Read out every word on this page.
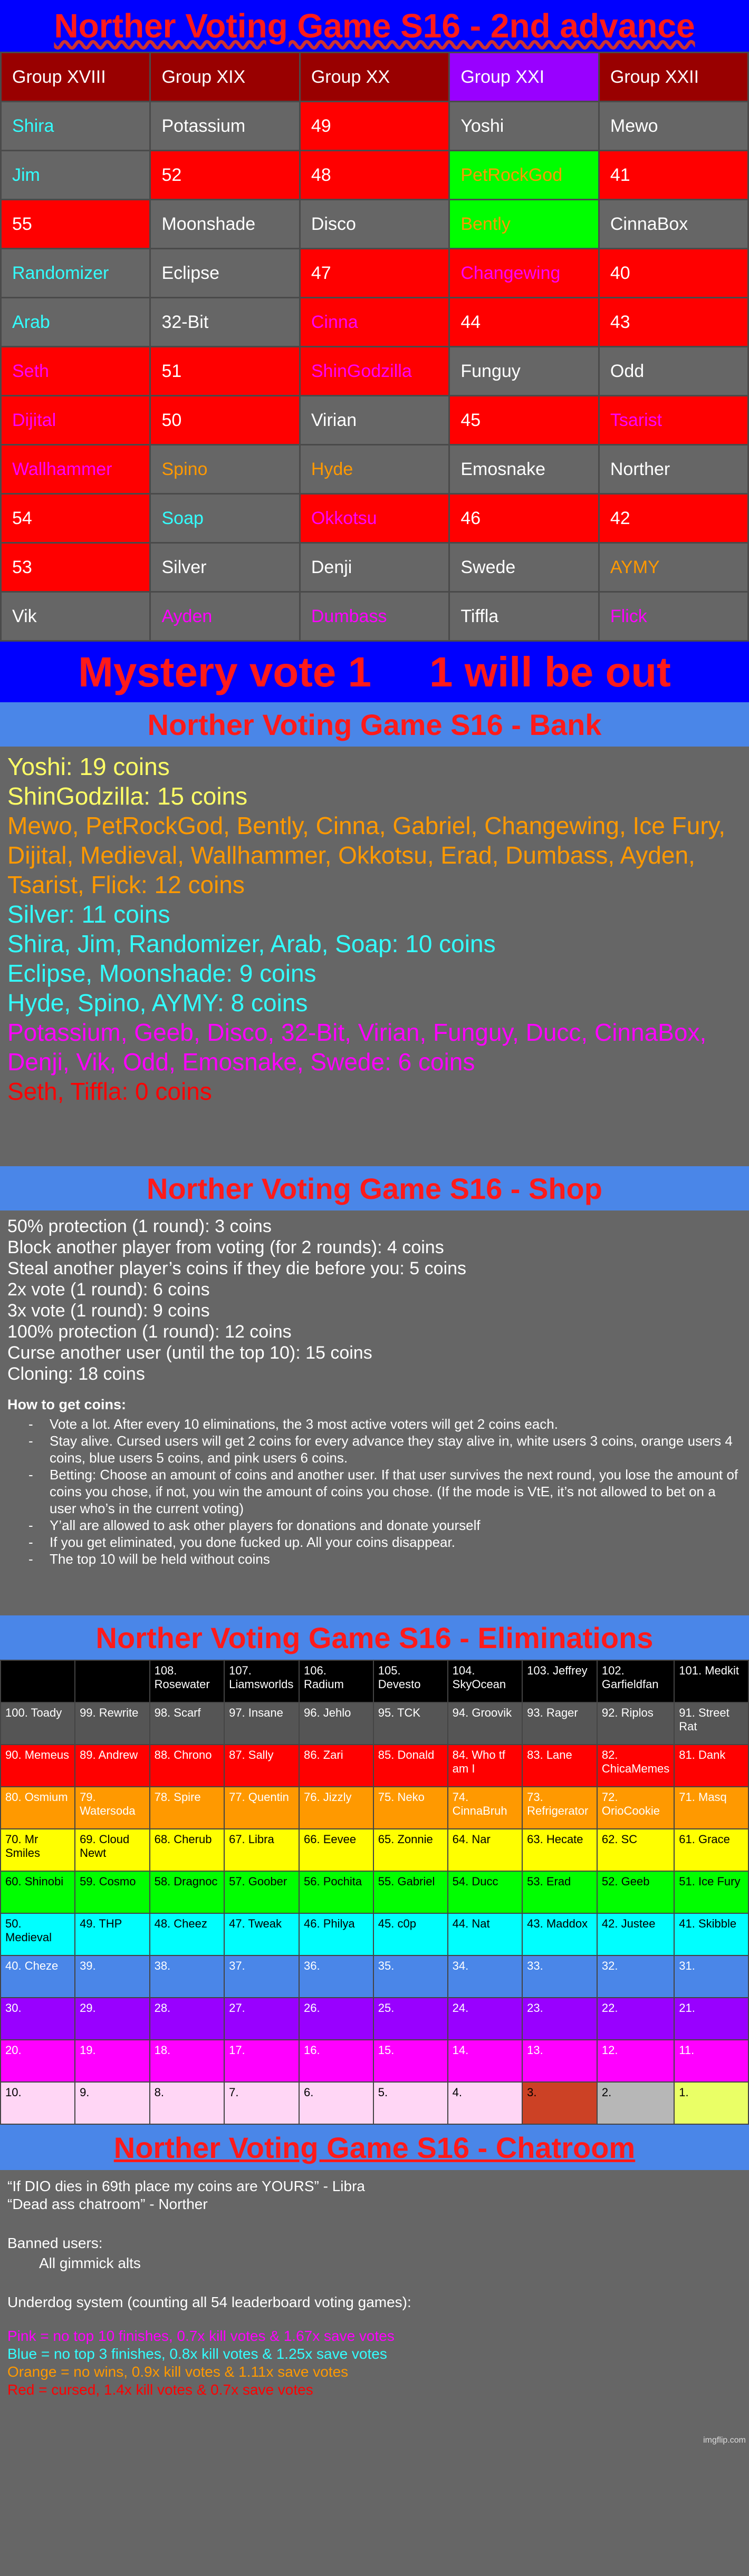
Norther Voting Game S16 - 2nd advance
Group XVIII	Group XIX	Group XX	Group XXI	Group XXII
Shira	Potassium	49	Yoshi	Mewo
Jim	52	48	PetRockGod	41
55	Moonshade	Disco	Bently	CinnaBox
Randomizer	Eclipse	47	Changewing	40
Arab	32-Bit	Cinna	44	43
Seth	51	ShinGodzilla	Funguy	Odd
Dijital	50	Virian	45	Tsarist
Wallhammer	Spino	Hyde	Emosnake	Norther
54	Soap	Okkotsu	46	42
53	Silver	Denji	Swede	AYMY
Vik	Ayden	Dumbass	Tiffla	Flick
Mystery vote 1 1 will be out
Norther Voting Game S16 - Bank
Yoshi: 19 coins
ShinGodzilla: 15 coins
Mewo, PetRockGod, Bently, Cinna, Gabriel, Changewing, Ice Fury, Dijital, Medieval, Wallhammer, Okkotsu, Erad, Dumbass, Ayden, Tsarist, Flick: 12 coins
Silver: 11 coins
Shira, Jim, Randomizer, Arab, Soap: 10 coins
Eclipse, Moonshade: 9 coins
Hyde, Spino, AYMY: 8 coins
Potassium, Geeb, Disco, 32-Bit, Virian, Funguy, Ducc, CinnaBox, Denji, Vik, Odd, Emosnake, Swede: 6 coins
Seth, Tiffla: 0 coins
Norther Voting Game S16 - Shop
50% protection (1 round): 3 coins
Block another player from voting (for 2 rounds): 4 coins
Steal another player’s coins if they die before you: 5 coins
2x vote (1 round): 6 coins
3x vote (1 round): 9 coins
100% protection (1 round): 12 coins
Curse another user (until the top 10): 15 coins
Cloning: 18 coins
How to get coins:
- Vote a lot. After every 10 eliminations, the 3 most active voters will get 2 coins each.
- Stay alive. Cursed users will get 2 coins for every advance they stay alive in, white users 3 coins, orange users 4 coins, blue users 5 coins, and pink users 6 coins.
- Betting: Choose an amount of coins and another user. If that user survives the next round, you lose the amount of coins you chose, if not, you win the amount of coins you chose. (If the mode is VtE, it’s not allowed to bet on a user who’s in the current voting)
- Y’all are allowed to ask other players for donations and donate yourself
- If you get eliminated, you done fucked up. All your coins disappear.
- The top 10 will be held without coins
Norther Voting Game S16 - Eliminations
		108. Rosewater	107. Liamsworlds	106. Radium	105. Devesto	104. SkyOcean	103. Jeffrey	102. Garfieldfan	101. Medkit
100. Toady	99. Rewrite	98. Scarf	97. Insane	96. Jehlo	95. TCK	94. Groovik	93. Rager	92. Riplos	91. Street Rat
90. Memeus	89. Andrew	88. Chrono	87. Sally	86. Zari	85. Donald	84. Who tf am I	83. Lane	82. ChicaMemes	81. Dank
80. Osmium	79. Watersoda	78. Spire	77. Quentin	76. Jizzly	75. Neko	74. CinnaBruh	73. Refrigerator	72. OrioCookie	71. Masq
70. Mr Smiles	69. Cloud Newt	68. Cherub	67. Libra	66. Eevee	65. Zonnie	64. Nar	63. Hecate	62. SC	61. Grace
60. Shinobi	59. Cosmo	58. Dragnoc	57. Goober	56. Pochita	55. Gabriel	54. Ducc	53. Erad	52. Geeb	51. Ice Fury
50. Medieval	49. THP	48. Cheez	47. Tweak	46. Philya	45. c0p	44. Nat	43. Maddox	42. Justee	41. Skibble
40. Cheze	39.	38.	37.	36.	35.	34.	33.	32.	31.
30.	29.	28.	27.	26.	25.	24.	23.	22.	21.
20.	19.	18.	17.	16.	15.	14.	13.	12.	11.
10.	9.	8.	7.	6.	5.	4.	3.	2.	1.
Norther Voting Game S16 - Chatroom
“If DIO dies in 69th place my coins are YOURS” - Libra
“Dead ass chatroom” - Norther
Banned users:
All gimmick alts
Underdog system (counting all 54 leaderboard voting games):
Pink = no top 10 finishes, 0.7x kill votes & 1.67x save votes
Blue = no top 3 finishes, 0.8x kill votes & 1.25x save votes
Orange = no wins, 0.9x kill votes & 1.11x save votes
Red = cursed, 1.4x kill votes & 0.7x save votes
imgflip.com
